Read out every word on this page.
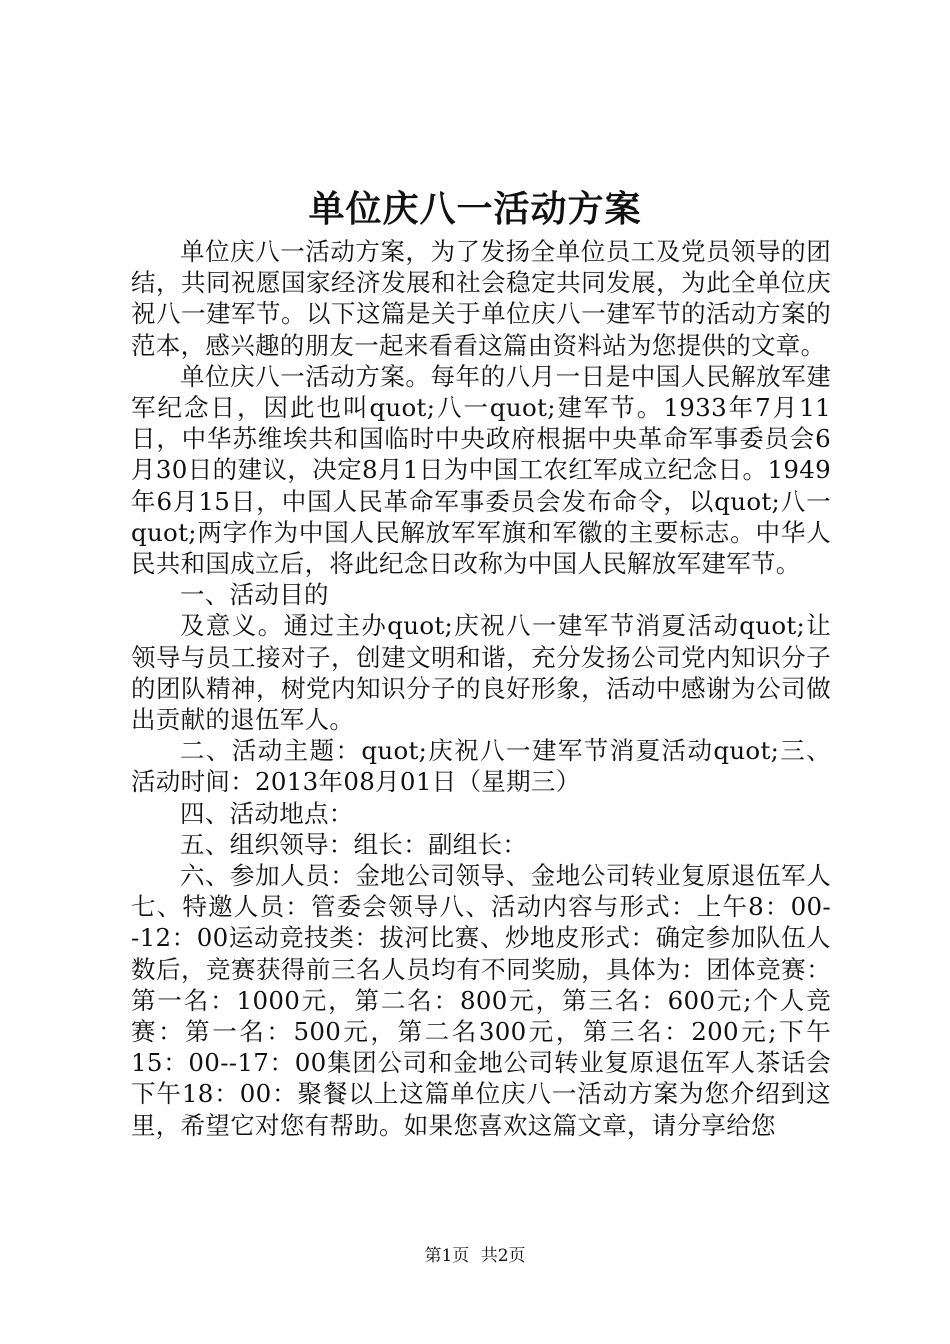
单位庆八一活动方案

单位庆八一活动方案，为了发扬全单位员工及党员领导的团结，共同祝愿国家经济发展和社会稳定共同发展，为此全单位庆祝八一建军节。以下这篇是关于单位庆八一建军节的活动方案的范本，感兴趣的朋友一起来看看这篇由资料站为您提供的文章。

单位庆八一活动方案。每年的八月一日是中国人民解放军建军纪念日，因此也叫quot;八一quot;建军节。1933年7月11日，中华苏维埃共和国临时中央政府根据中央革命军事委员会6月30日的建议，决定8月1日为中国工农红军成立纪念日。1949年6月15日，中国人民革命军事委员会发布命令，以quot;八一quot;两字作为中国人民解放军军旗和军徽的主要标志。中华人民共和国成立后，将此纪念日改称为中国人民解放军建军节。

一、活动目的

及意义。通过主办quot;庆祝八一建军节消夏活动quot;让领导与员工接对子，创建文明和谐，充分发扬公司党内知识分子的团队精神，树党内知识分子的良好形象，活动中感谢为公司做出贡献的退伍军人。

二、活动主题：quot;庆祝八一建军节消夏活动quot;三、活动时间：2013年08月01日（星期三）

四、活动地点：

五、组织领导：组长：副组长：

六、参加人员：金地公司领导、金地公司转业复原退伍军人七、特邀人员：管委会领导八、活动内容与形式：上午8：00--12：00运动竞技类：拔河比赛、炒地皮形式：确定参加队伍人数后，竞赛获得前三名人员均有不同奖励，具体为：团体竞赛：第一名：1000元，第二名：800元，第三名：600元;个人竞赛：第一名：500元，第二名300元，第三名：200元;下午15：00--17：00集团公司和金地公司转业复原退伍军人茶话会下午18：00：聚餐以上这篇单位庆八一活动方案为您介绍到这里，希望它对您有帮助。如果您喜欢这篇文章，请分享给您

第1页 共2页
